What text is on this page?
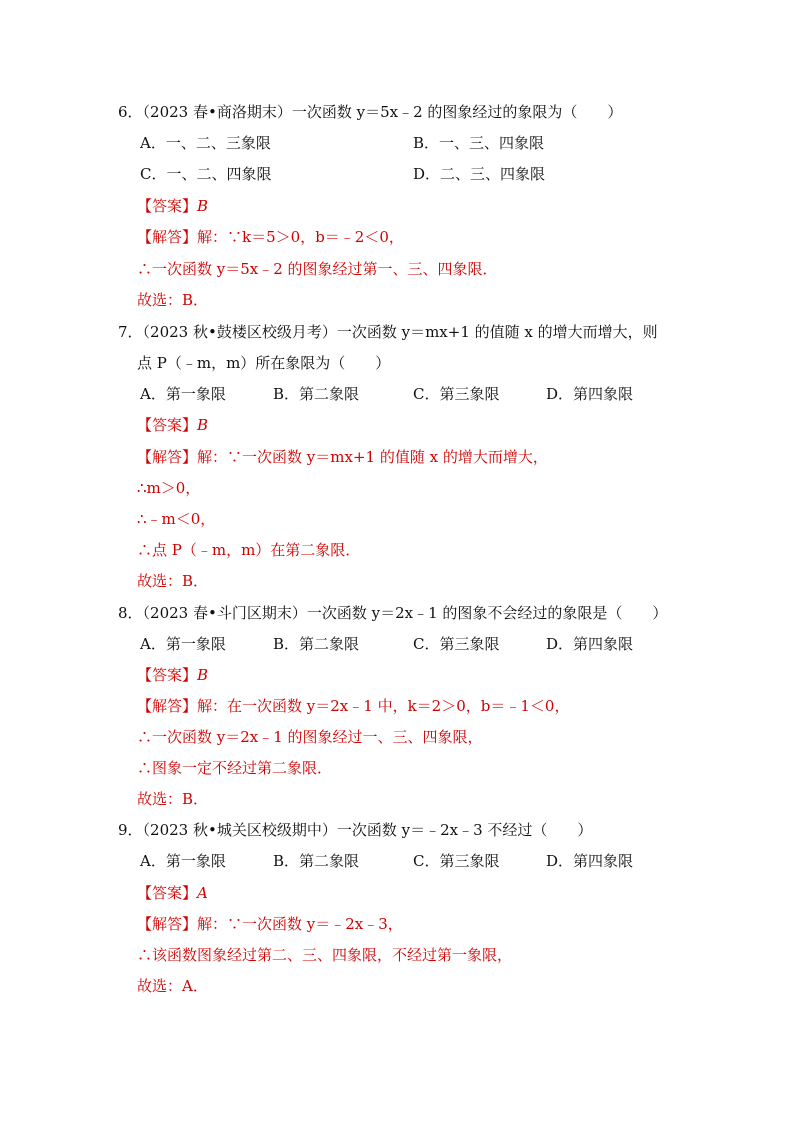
6．（2023 春•商洛期末）一次函数 y＝5x﹣2 的图象经过的象限为（　　）
A．一、二、三象限	B．一、三、四象限
C．一、二、四象限	D．二、三、四象限
【答案】B
【解答】解：∵k＝5＞0，b＝﹣2＜0，
∴一次函数 y＝5x﹣2 的图象经过第一、三、四象限．
故选：B．
7．（2023 秋•鼓楼区校级月考）一次函数 y＝mx+1 的值随 x 的增大而增大，则
点 P（﹣m，m）所在象限为（　　）
A．第一象限	B．第二象限	C．第三象限	D．第四象限
【答案】B
【解答】解：∵一次函数 y＝mx+1 的值随 x 的增大而增大，
∴m＞0，
∴﹣m＜0，
∴点 P（﹣m，m）在第二象限．
故选：B．
8．（2023 春•斗门区期末）一次函数 y＝2x﹣1 的图象不会经过的象限是（　　）
A．第一象限	B．第二象限	C．第三象限	D．第四象限
【答案】B
【解答】解：在一次函数 y＝2x﹣1 中，k＝2＞0，b＝﹣1＜0，
∴一次函数 y＝2x﹣1 的图象经过一、三、四象限，
∴图象一定不经过第二象限．
故选：B．
9．（2023 秋•城关区校级期中）一次函数 y＝﹣2x﹣3 不经过（　　）
A．第一象限	B．第二象限	C．第三象限	D．第四象限
【答案】A
【解答】解：∵一次函数 y＝﹣2x﹣3，
∴该函数图象经过第二、三、四象限，不经过第一象限，
故选：A．
